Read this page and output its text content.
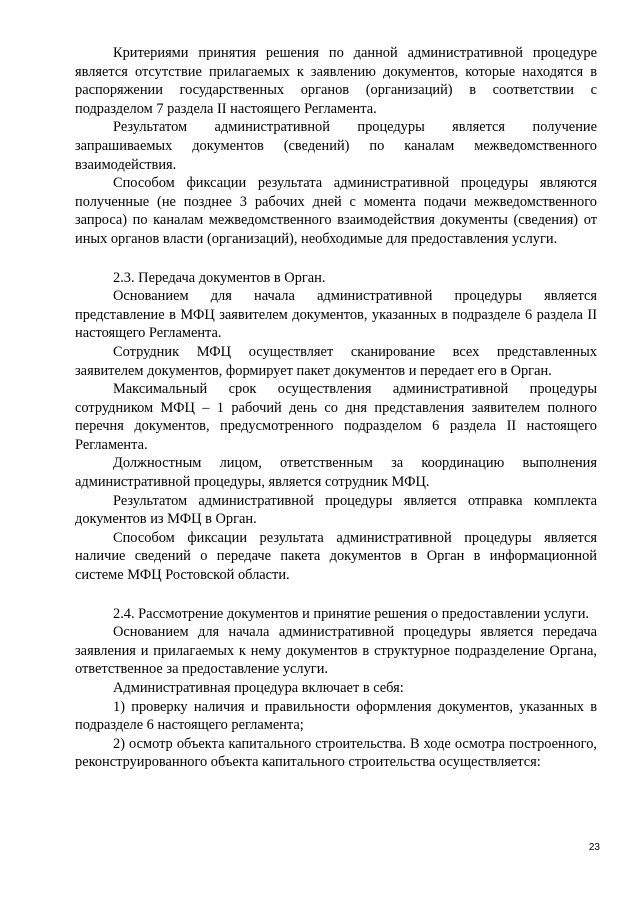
Критериями принятия решения по данной административной процедуре является отсутствие прилагаемых к заявлению документов, которые находятся в распоряжении государственных органов (организаций) в соответствии с подразделом 7 раздела II настоящего Регламента.

Результатом административной процедуры является получение запрашиваемых документов (сведений) по каналам межведомственного взаимодействия.

Способом фиксации результата административной процедуры являются полученные (не позднее 3 рабочих дней с момента подачи межведомственного запроса) по каналам межведомственного взаимодействия документы (сведения) от иных органов власти (организаций), необходимые для предоставления услуги.

2.3. Передача документов в Орган.

Основанием для начала административной процедуры является представление в МФЦ заявителем документов, указанных в подразделе 6 раздела II настоящего Регламента.

Сотрудник МФЦ осуществляет сканирование всех представленных заявителем документов, формирует пакет документов и передает его в Орган.

Максимальный срок осуществления административной процедуры сотрудником МФЦ – 1 рабочий день со дня представления заявителем полного перечня документов, предусмотренного подразделом 6 раздела II настоящего Регламента.

Должностным лицом, ответственным за координацию выполнения административной процедуры, является сотрудник МФЦ.

Результатом административной процедуры является отправка комплекта документов из МФЦ в Орган.

Способом фиксации результата административной процедуры является наличие сведений о передаче пакета документов в Орган в информационной системе МФЦ Ростовской области.

2.4. Рассмотрение документов и принятие решения о предоставлении услуги.

Основанием для начала административной процедуры является передача заявления и прилагаемых к нему документов в структурное подразделение Органа, ответственное за предоставление услуги.

Административная процедура включает в себя:

1) проверку наличия и правильности оформления документов, указанных в подразделе 6 настоящего регламента;

2) осмотр объекта капитального строительства. В ходе осмотра построенного, реконструированного объекта капитального строительства осуществляется:

23
